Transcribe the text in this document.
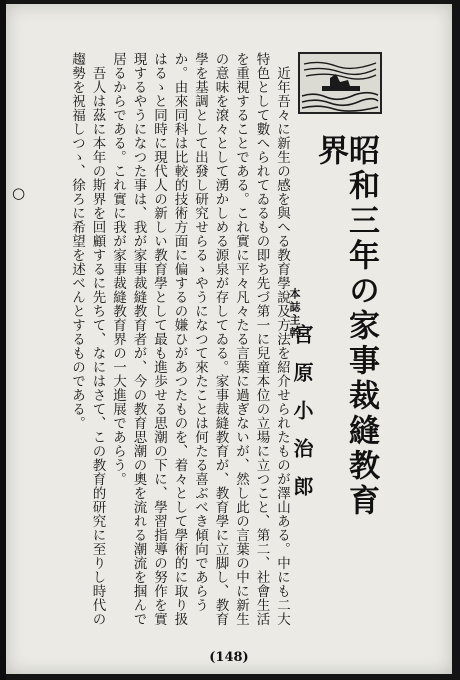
昭和三年の家事裁縫教育界
本誌主幹
宮原小治郎

近年吾々に新生の感を與へる教育學說及方法を紹介せられたものが澤山ある。中にも二大特色として數へられてゐるもの即ち先づ第一に兒童本位の立場に立つこと、第二、社會生活を重視することである。これ實に平々凡々たる言葉に過ぎないが、然し此の言葉の中に新生の意味を滾々として湧かしめる源泉が存してゐる。家事裁縫教育が、教育學に立脚し、教育學を基調として出發し研究せらるゝやうになつて來たことは何たる喜ぶべき傾向であらうか。由來同科は比較的技術方面に偏するの嫌ひがあつたものを、着々として學術的に取り扱はるゝと同時に現代人の新しい教育學として最も進歩せる思潮の下に、學習指導の努作を實現するやうになつた事は、我が家事裁縫教育者が、今の教育思潮の奧を流れる潮流を掴んで居るからである。これ實に我が家事裁縫教育界の一大進展であらう。

吾人は茲に本年の斯界を回顧するに先ちて、なにはさて、この教育的研究に至りし時代の趨勢を祝福しつゝ、徐ろに希望を述べんとするものである。

○
(148)
